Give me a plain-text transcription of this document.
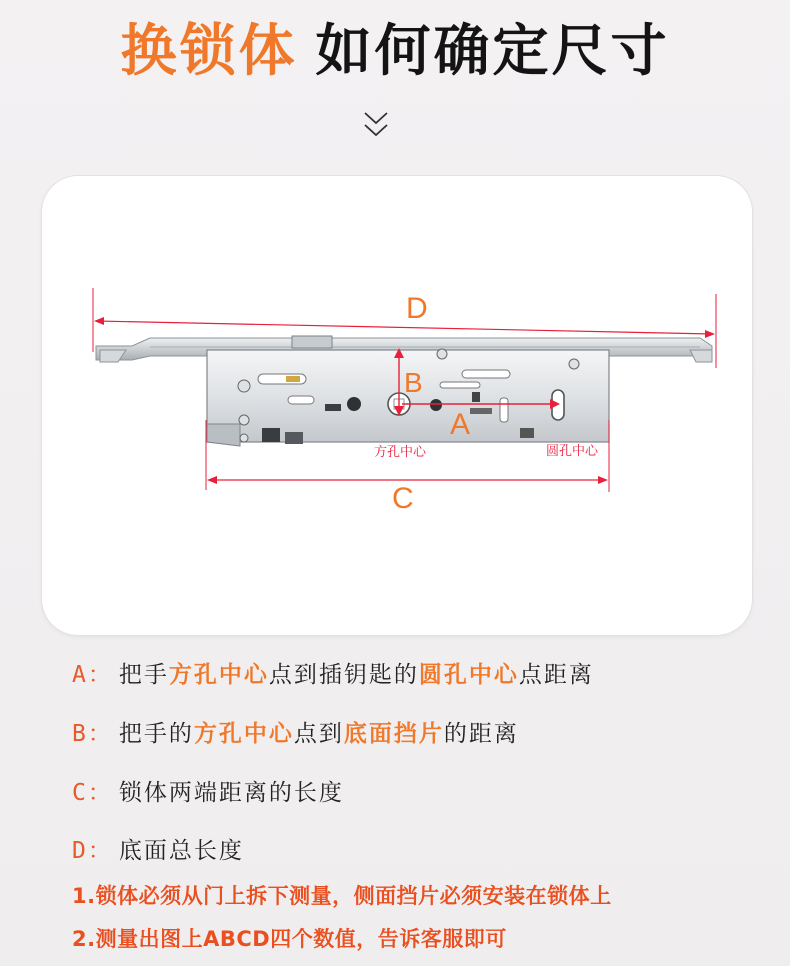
换锁体 如何确定尺寸
D
B
A
方孔中心	圆孔中心
C
A： 把手方孔中心点到插钥匙的圆孔中心点距离
B： 把手的方孔中心点到底面挡片的距离
C： 锁体两端距离的长度
D： 底面总长度
1.锁体必须从门上拆下测量，侧面挡片必须安装在锁体上
2.测量出图上ABCD四个数值，告诉客服即可
